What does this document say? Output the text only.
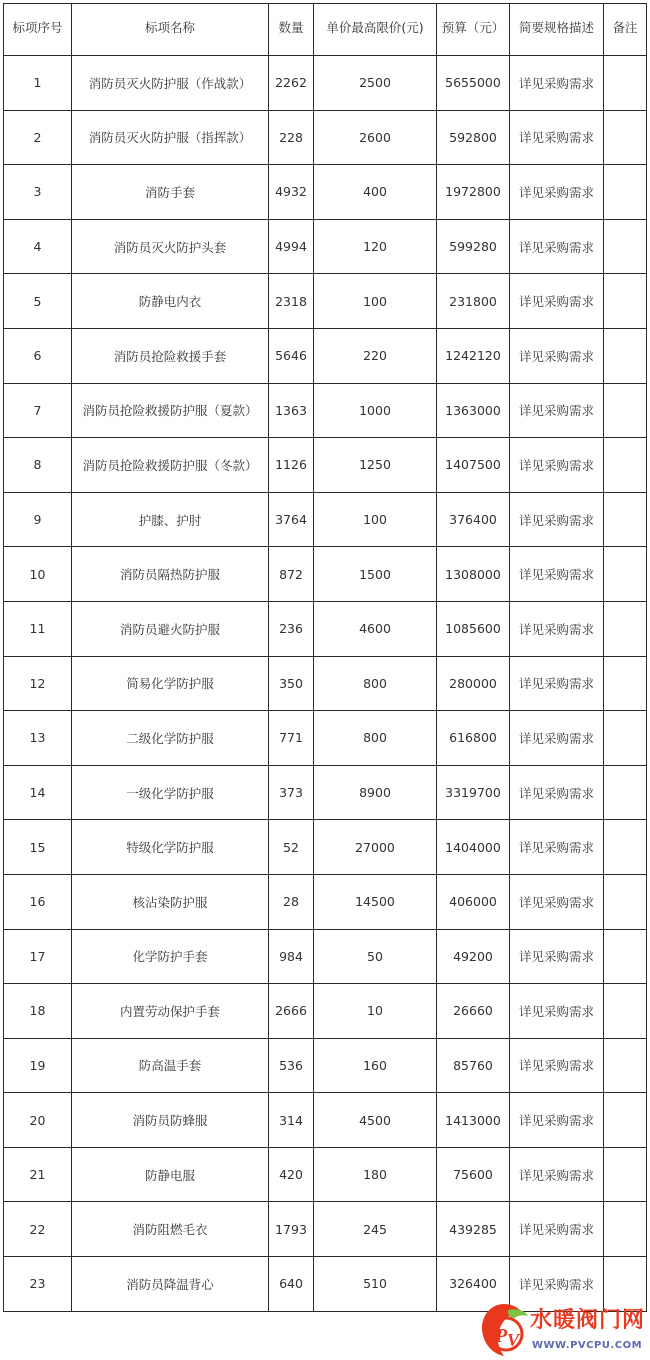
标项序号	标项名称	数量	单价最高限价(元)	预算（元）	简要规格描述	备注
1	消防员灭火防护服（作战款）	2262	2500	5655000	详见采购需求	
2	消防员灭火防护服（指挥款）	228	2600	592800	详见采购需求	
3	消防手套	4932	400	1972800	详见采购需求	
4	消防员灭火防护头套	4994	120	599280	详见采购需求	
5	防静电内衣	2318	100	231800	详见采购需求	
6	消防员抢险救援手套	5646	220	1242120	详见采购需求	
7	消防员抢险救援防护服（夏款）	1363	1000	1363000	详见采购需求	
8	消防员抢险救援防护服（冬款）	1126	1250	1407500	详见采购需求	
9	护膝、护肘	3764	100	376400	详见采购需求	
10	消防员隔热防护服	872	1500	1308000	详见采购需求	
11	消防员避火防护服	236	4600	1085600	详见采购需求	
12	简易化学防护服	350	800	280000	详见采购需求	
13	二级化学防护服	771	800	616800	详见采购需求	
14	一级化学防护服	373	8900	3319700	详见采购需求	
15	特级化学防护服	52	27000	1404000	详见采购需求	
16	核沾染防护服	28	14500	406000	详见采购需求	
17	化学防护手套	984	50	49200	详见采购需求	
18	内置劳动保护手套	2666	10	26660	详见采购需求	
19	防高温手套	536	160	85760	详见采购需求	
20	消防员防蜂服	314	4500	1413000	详见采购需求	
21	防静电服	420	180	75600	详见采购需求	
22	消防阻燃毛衣	1793	245	439285	详见采购需求	
23	消防员降温背心	640	510	326400	详见采购需求	
P V
水暖阀门网
WWW.PVCPU.COM
